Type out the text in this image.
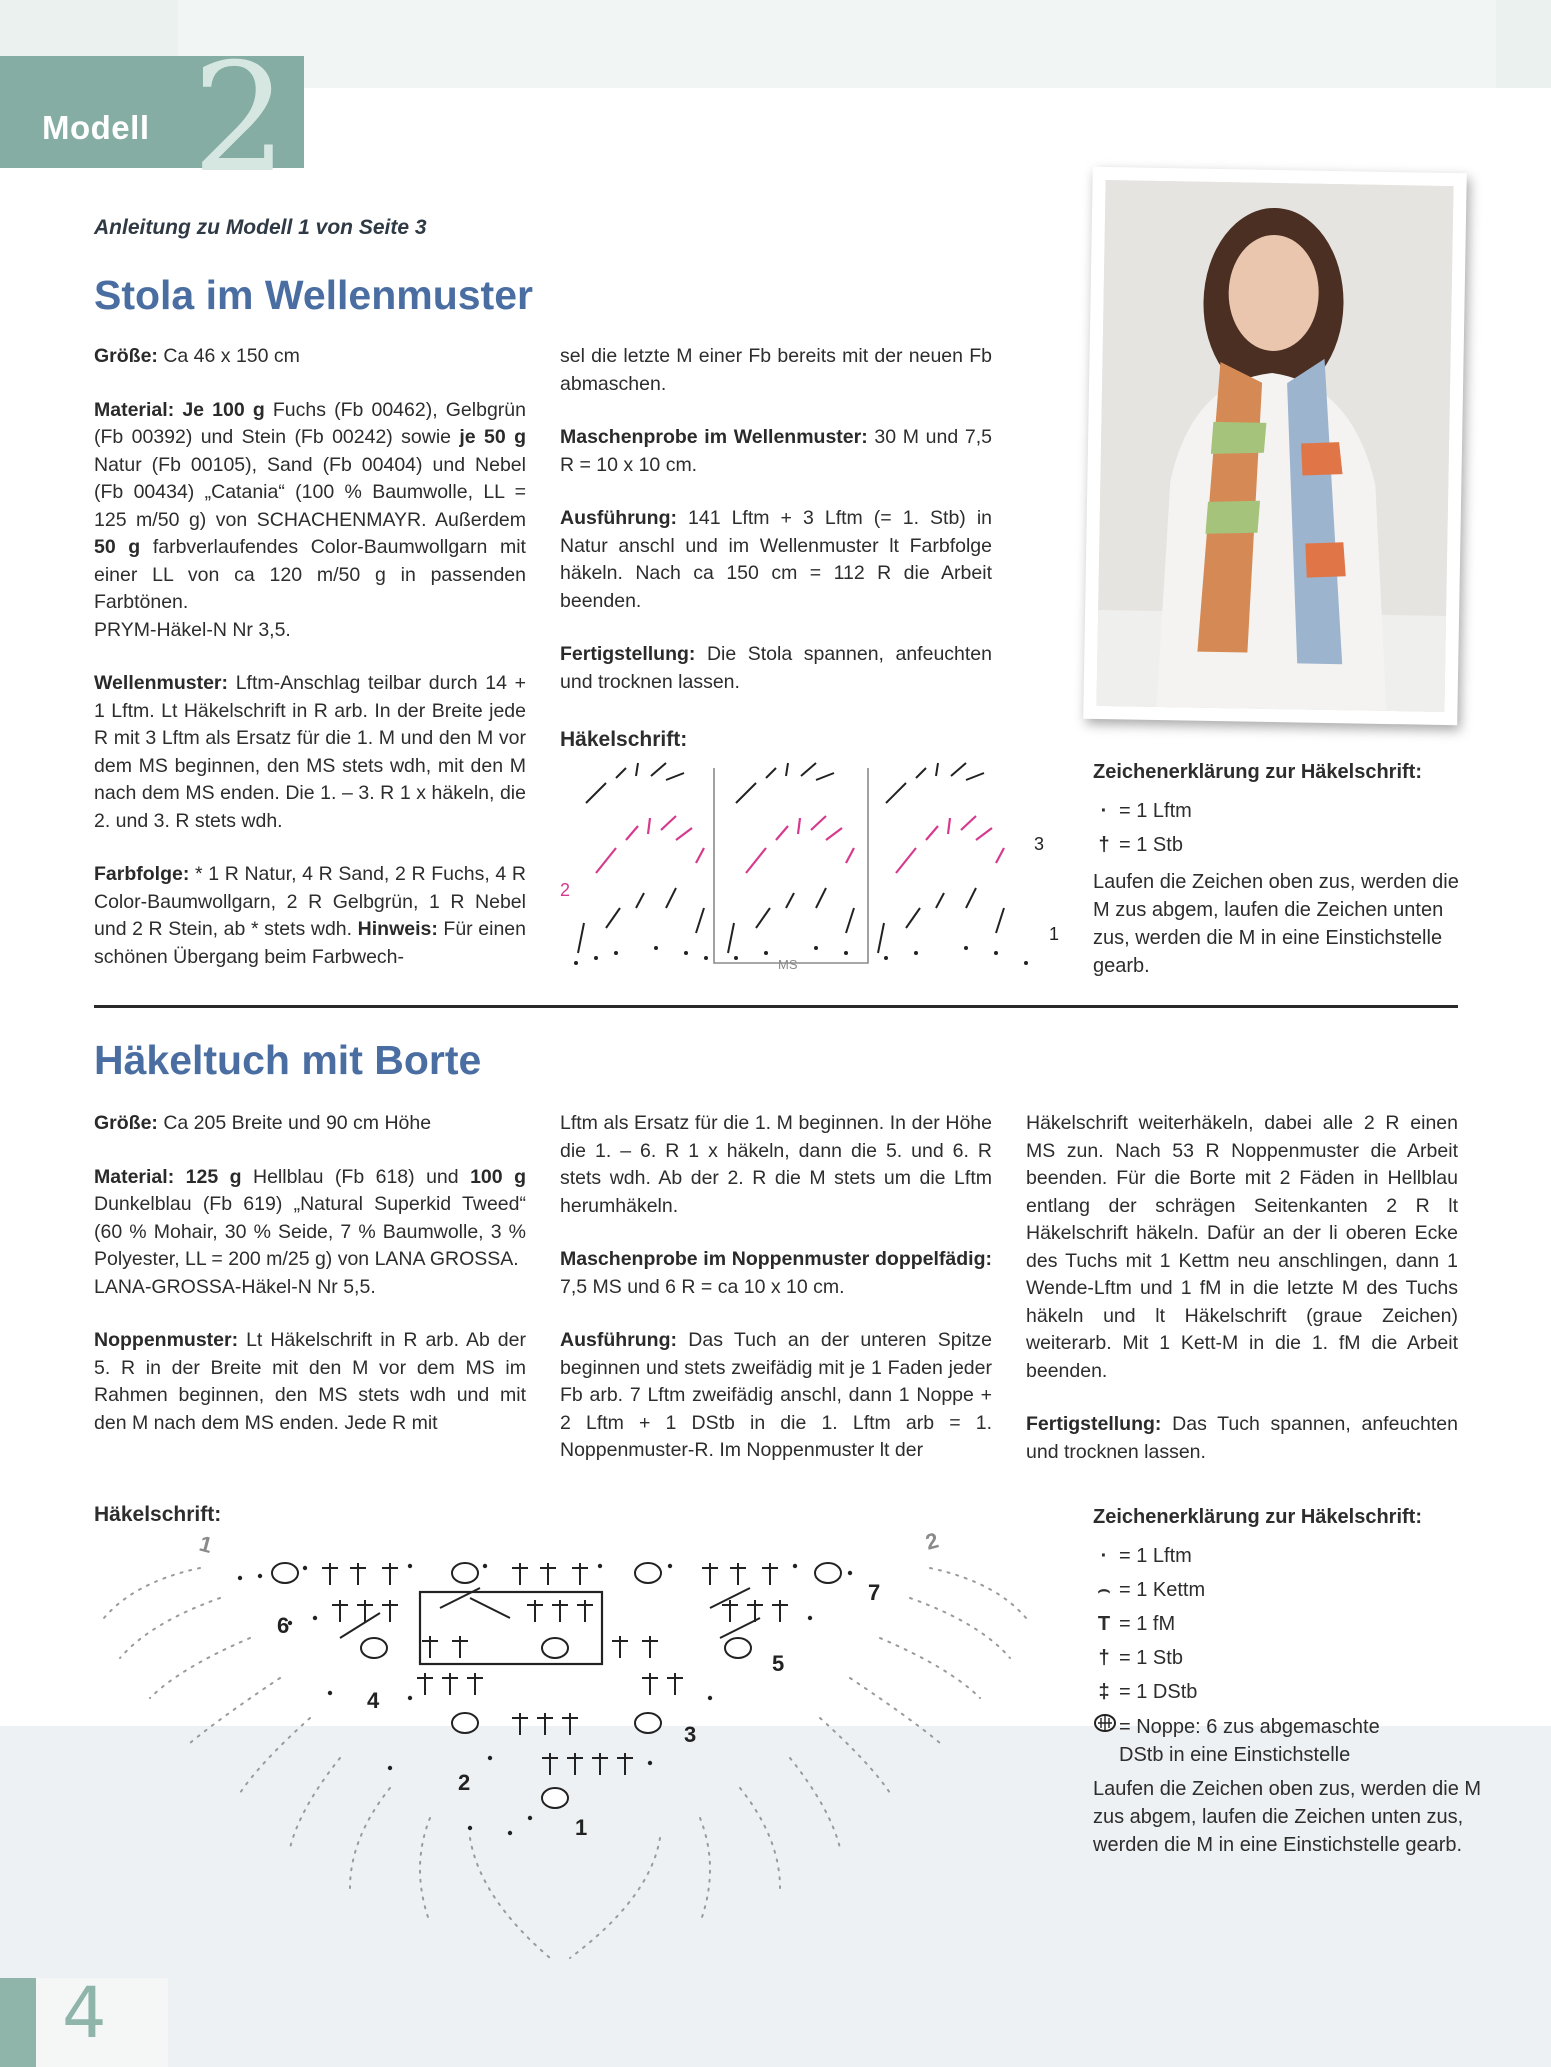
2
Modell
Anleitung zu Modell 1 von Seite 3
Stola im Wellenmuster

Größe: Ca 46 x 150 cm

Material: Je 100 g Fuchs (Fb 00462), Gelbgrün (Fb 00392) und Stein (Fb 00242) sowie je 50 g Natur (Fb 00105), Sand (Fb 00404) und Nebel (Fb 00434) „Catania“ (100 % Baumwolle, LL = 125 m/50 g) von SCHACHENMAYR. Außerdem 50 g farbverlaufendes Color-Baumwollgarn mit einer LL von ca 120 m/50 g in passenden Farbtönen.

PRYM-Häkel-N Nr 3,5.

Wellenmuster: Lftm-Anschlag teilbar durch 14 + 1 Lftm. Lt Häkelschrift in R arb. In der Breite jede R mit 3 Lftm als Ersatz für die 1. M und den M vor dem MS beginnen, den MS stets wdh, mit den M nach dem MS enden. Die 1. – 3. R 1 x häkeln, die 2. und 3. R stets wdh.

Farbfolge: * 1 R Natur, 4 R Sand, 2 R Fuchs, 4 R Color-Baumwollgarn, 2 R Gelbgrün, 1 R Nebel und 2 R Stein, ab * stets wdh. Hinweis: Für einen schönen Übergang beim Farbwech-

sel die letzte M einer Fb bereits mit der neuen Fb abmaschen.

Maschenprobe im Wellenmuster: 30 M und 7,5 R = 10 x 10 cm.

Ausführung: 141 Lftm + 3 Lftm (= 1. Stb) in Natur anschl und im Wellenmuster lt Farbfolge häkeln. Nach ca 150 cm = 112 R die Arbeit beenden.

Fertigstellung: Die Stola spannen, anfeuchten und trocknen lassen.

Häkelschrift:
MS
3
2
1
Zeichenerklärung zur Häkelschrift:
· = 1 Lftm
† = 1 Stb
Laufen die Zeichen oben zus, werden die M zus abgem, laufen die Zeichen unten zus, werden die M in eine Einstichstelle gearb.
Häkeltuch mit Borte

Größe: Ca 205 Breite und 90 cm Höhe

Material: 125 g Hellblau (Fb 618) und 100 g Dunkelblau (Fb 619) „Natural Superkid Tweed“ (60 % Mohair, 30 % Seide, 7 % Baumwolle, 3 % Polyester, LL = 200 m/25 g) von LANA GROSSA.

LANA-GROSSA-Häkel-N Nr 5,5.

Noppenmuster: Lt Häkelschrift in R arb. Ab der 5. R in der Breite mit den M vor dem MS im Rahmen beginnen, den MS stets wdh und mit den M nach dem MS enden. Jede R mit

Lftm als Ersatz für die 1. M beginnen. In der Höhe die 1. – 6. R 1 x häkeln, dann die 5. und 6. R stets wdh. Ab der 2. R die M stets um die Lftm herumhäkeln.

Maschenprobe im Noppenmuster doppelfädig: 7,5 MS und 6 R = ca 10 x 10 cm.

Ausführung: Das Tuch an der unteren Spitze beginnen und stets zweifädig mit je 1 Faden jeder Fb arb. 7 Lftm zweifädig anschl, dann 1 Noppe + 2 Lftm + 1 DStb in die 1. Lftm arb = 1. Noppenmuster-R. Im Noppenmuster lt der

Häkelschrift weiterhäkeln, dabei alle 2 R einen MS zun. Nach 53 R Noppenmuster die Arbeit beenden. Für die Borte mit 2 Fäden in Hellblau entlang der schrägen Seitenkanten 2 R lt Häkelschrift häkeln. Dafür an der li oberen Ecke des Tuchs mit 1 Kettm neu anschlingen, dann 1 Wende-Lftm und 1 fM in die letzte M des Tuchs häkeln und lt Häkelschrift (graue Zeichen) weiterarb. Mit 1 Kett-M in die 1. fM die Arbeit beenden.

Fertigstellung: Das Tuch spannen, anfeuchten und trocknen lassen.

Häkelschrift:
1
2
3
4
5
6
7
1	2
Zeichenerklärung zur Häkelschrift:
· = 1 Lftm
⌢ = 1 Kettm
T = 1 fM
† = 1 Stb
‡ = 1 DStb
= Noppe: 6 zus abgemaschte DStb in eine Einstichstelle
Laufen die Zeichen oben zus, werden die M zus abgem, laufen die Zeichen unten zus, werden die M in eine Einstichstelle gearb.
4
